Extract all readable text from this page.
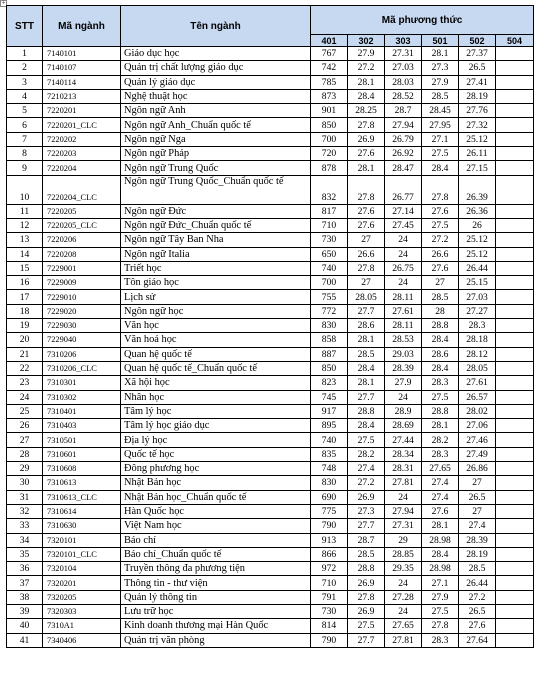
+
STT	Mã ngành	Tên ngành	Mã phương thức					
			401	302	303	501	502	504
1	7140101	Giáo dục học	767	27.9	27.31	28.1	27.37	
2	7140107	Quản trị chất lượng giáo dục	742	27.2	27.03	27.3	26.5	
3	7140114	Quản lý giáo dục	785	28.1	28.03	27.9	27.41	
4	7210213	Nghệ thuật học	873	28.4	28.52	28.5	28.19	
5	7220201	Ngôn ngữ Anh	901	28.25	28.7	28.45	27.76	
6	7220201_CLC	Ngôn ngữ Anh_Chuẩn quốc tế	850	27.8	27.94	27.95	27.32	
7	7220202	Ngôn ngữ Nga	700	26.9	26.79	27.1	25.12	
8	7220203	Ngôn ngữ Pháp	720	27.6	26.92	27.5	26.11	
9	7220204	Ngôn ngữ Trung Quốc	878	28.1	28.47	28.4	27.15	
10	7220204_CLC	Ngôn ngữ Trung Quốc_Chuẩn quốc tế	832	27.8	26.77	27.8	26.39	
11	7220205	Ngôn ngữ Đức	817	27.6	27.14	27.6	26.36	
12	7220205_CLC	Ngôn ngữ Đức_Chuẩn quốc tế	710	27.6	27.45	27.5	26	
13	7220206	Ngôn ngữ Tây Ban Nha	730	27	24	27.2	25.12	
14	7220208	Ngôn ngữ Italia	650	26.6	24	26.6	25.12	
15	7229001	Triết học	740	27.8	26.75	27.6	26.44	
16	7229009	Tôn giáo học	700	27	24	27	25.15	
17	7229010	Lịch sử	755	28.05	28.11	28.5	27.03	
18	7229020	Ngôn ngữ học	772	27.7	27.61	28	27.27	
19	7229030	Văn học	830	28.6	28.11	28.8	28.3	
20	7229040	Văn hoá học	858	28.1	28.53	28.4	28.18	
21	7310206	Quan hệ quốc tế	887	28.5	29.03	28.6	28.12	
22	7310206_CLC	Quan hệ quốc tế_Chuẩn quốc tế	850	28.4	28.39	28.4	28.05	
23	7310301	Xã hội học	823	28.1	27.9	28.3	27.61	
24	7310302	Nhân học	745	27.7	24	27.5	26.57	
25	7310401	Tâm lý học	917	28.8	28.9	28.8	28.02	
26	7310403	Tâm lý học giáo dục	895	28.4	28.69	28.1	27.06	
27	7310501	Địa lý học	740	27.5	27.44	28.2	27.46	
28	7310601	Quốc tế học	835	28.2	28.34	28.3	27.49	
29	7310608	Đông phương học	748	27.4	28.31	27.65	26.86	
30	7310613	Nhật Bản học	830	27.2	27.81	27.4	27	
31	7310613_CLC	Nhật Bản học_Chuẩn quốc tế	690	26.9	24	27.4	26.5	
32	7310614	Hàn Quốc học	775	27.3	27.94	27.6	27	
33	7310630	Việt Nam học	790	27.7	27.31	28.1	27.4	
34	7320101	Báo chí	913	28.7	29	28.98	28.39	
35	7320101_CLC	Báo chí_Chuẩn quốc tế	866	28.5	28.85	28.4	28.19	
36	7320104	Truyền thông đa phương tiện	972	28.8	29.35	28.98	28.5	
37	7320201	Thông tin - thư viện	710	26.9	24	27.1	26.44	
38	7320205	Quản lý thông tin	791	27.8	27.28	27.9	27.2	
39	7320303	Lưu trữ học	730	26.9	24	27.5	26.5	
40	7310A1	Kinh doanh thương mại Hàn Quốc	814	27.5	27.65	27.8	27.6	
41	7340406	Quản trị văn phòng	790	27.7	27.81	28.3	27.64	
